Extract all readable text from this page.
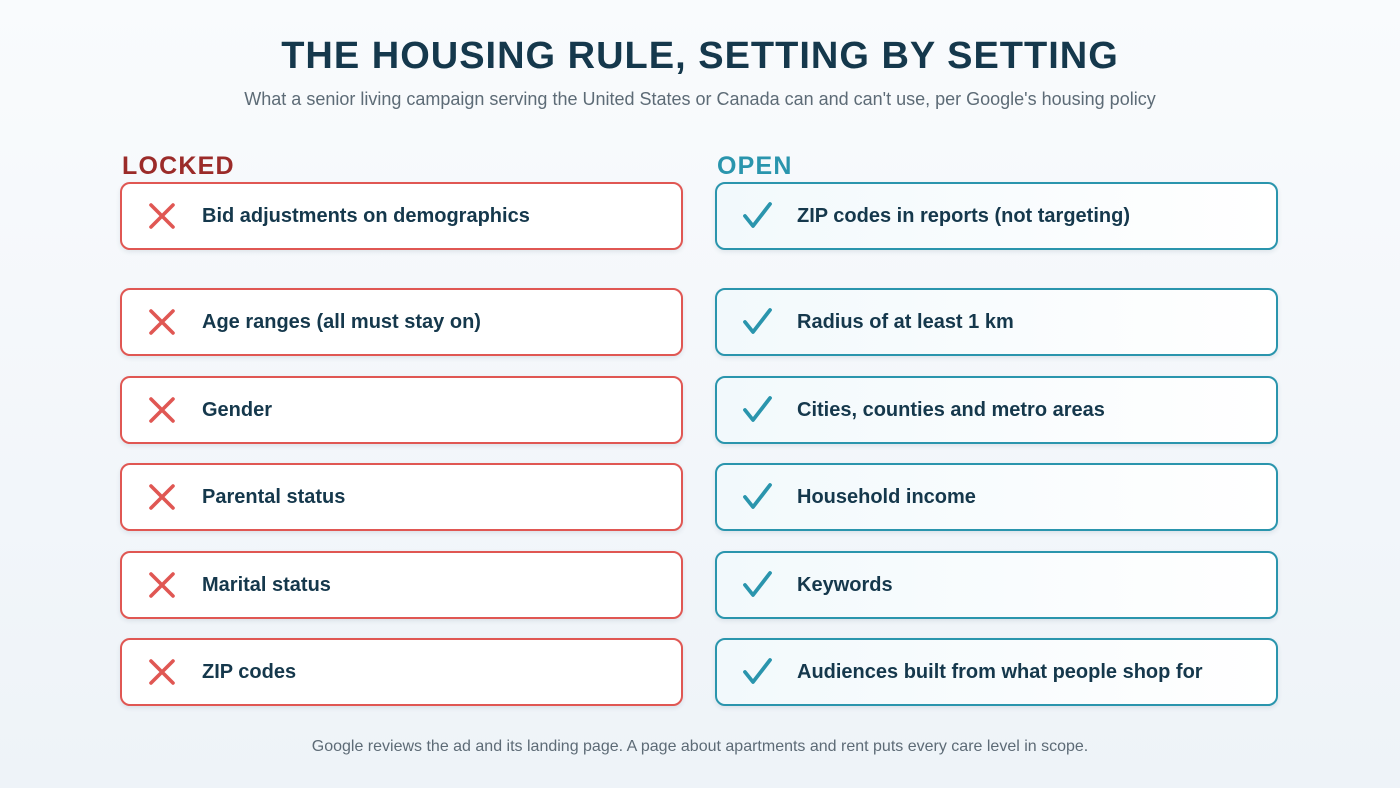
THE HOUSING RULE, SETTING BY SETTING
What a senior living campaign serving the United States or Canada can and can't use, per Google's housing policy
LOCKED
Age ranges (all must stay on)
Gender
Parental status
Marital status
ZIP codes
Bid adjustments on demographics
OPEN
Radius of at least 1 km
Cities, counties and metro areas
Household income
Keywords
Audiences built from what people shop for
ZIP codes in reports (not targeting)
Google reviews the ad and its landing page. A page about apartments and rent puts every care level in scope.
